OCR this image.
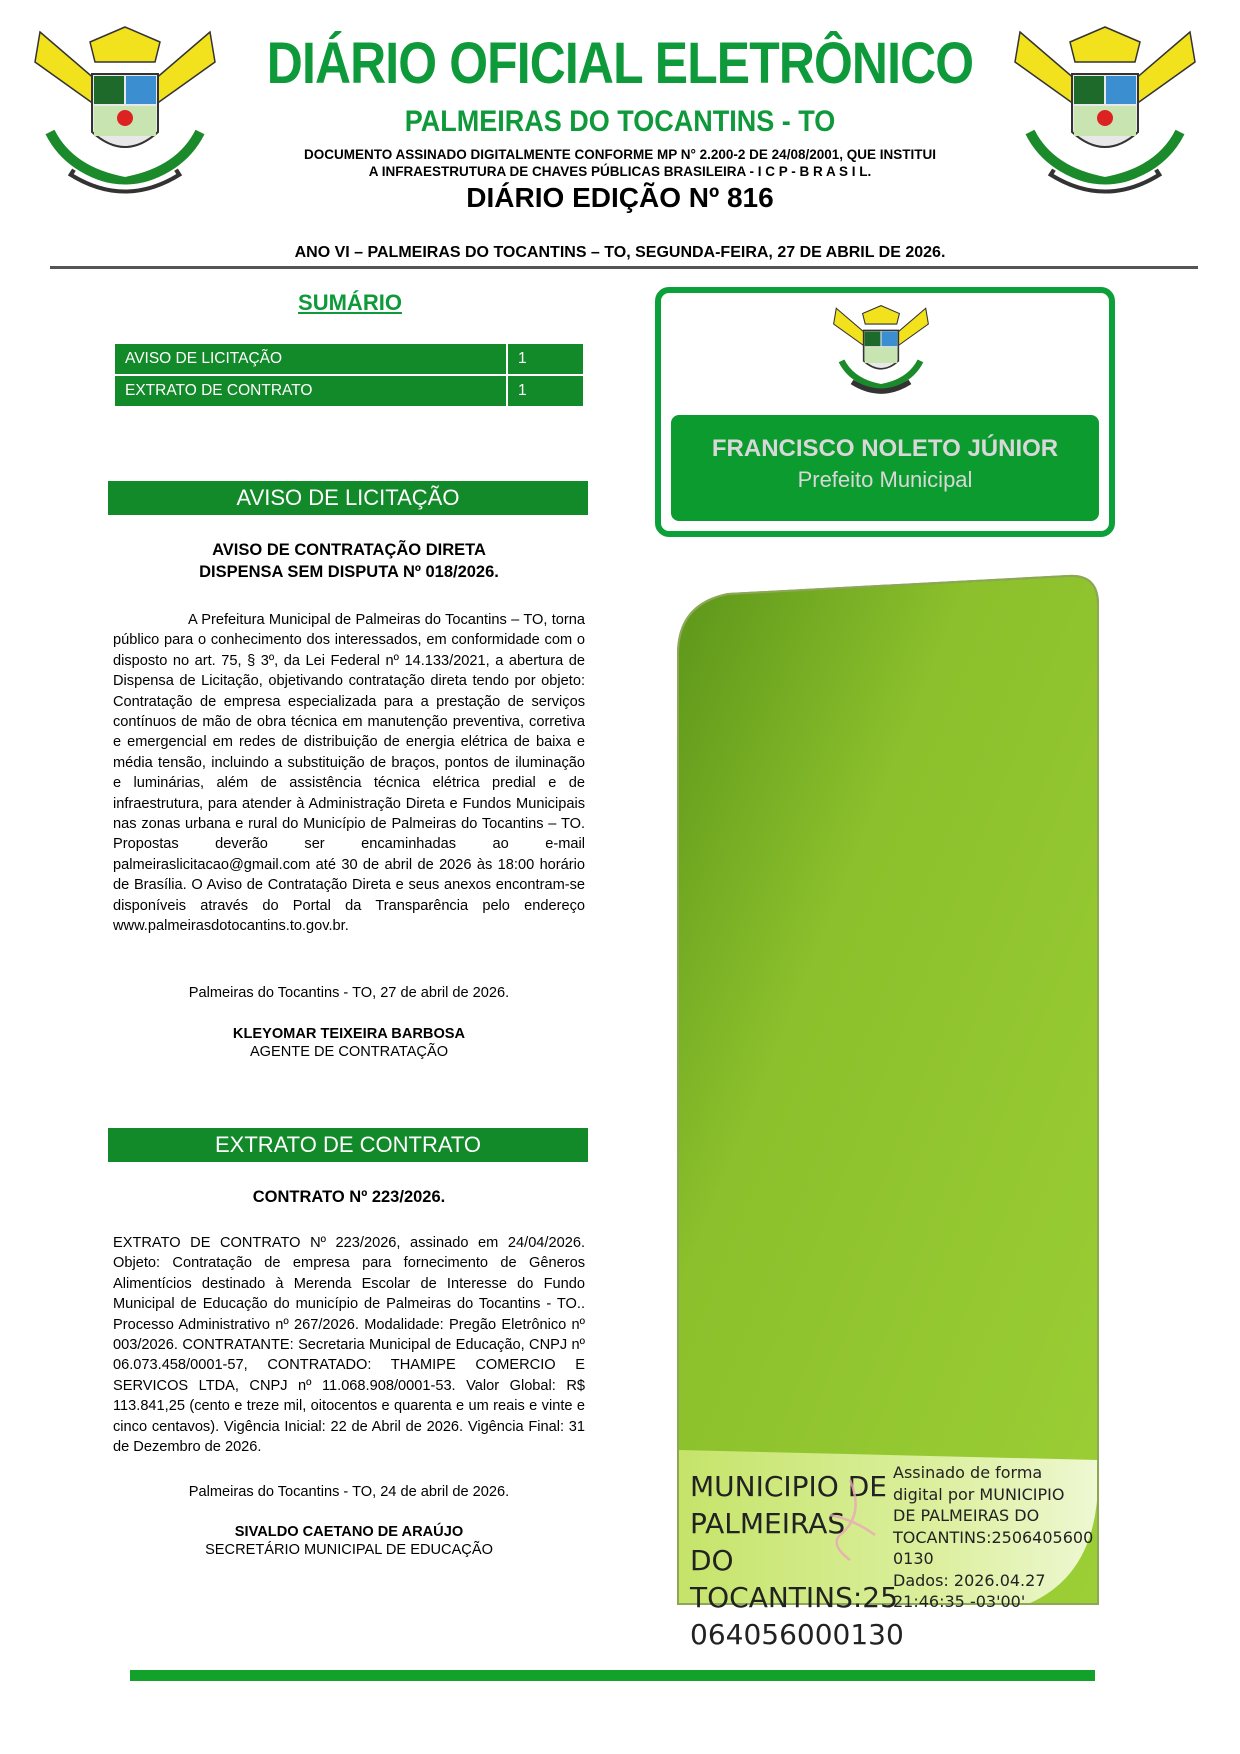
DIÁRIO OFICIAL ELETRÔNICO
PALMEIRAS DO TOCANTINS - TO
DOCUMENTO ASSINADO DIGITALMENTE CONFORME MP N° 2.200-2 DE 24/08/2001, QUE INSTITUI
A INFRAESTRUTURA DE CHAVES PÚBLICAS BRASILEIRA - I C P - B R A S I L.
DIÁRIO EDIÇÃO Nº 816
ANO VI – PALMEIRAS DO TOCANTINS – TO, SEGUNDA-FEIRA, 27 DE ABRIL DE 2026.
SUMÁRIO
AVISO DE LICITAÇÃO	1
EXTRATO DE CONTRATO	1
AVISO DE LICITAÇÃO
AVISO DE CONTRATAÇÃO DIRETA
DISPENSA SEM DISPUTA Nº 018/2026.
A Prefeitura Municipal de Palmeiras do Tocantins – TO, torna público para o conhecimento dos interessados, em conformidade com o disposto no art. 75, § 3º, da Lei Federal nº 14.133/2021, a abertura de Dispensa de Licitação, objetivando contratação direta tendo por objeto: Contratação de empresa especializada para a prestação de serviços contínuos de mão de obra técnica em manutenção preventiva, corretiva e emergencial em redes de distribuição de energia elétrica de baixa e média tensão, incluindo a substituição de braços, pontos de iluminação e luminárias, além de assistência técnica elétrica predial e de infraestrutura, para atender à Administração Direta e Fundos Municipais nas zonas urbana e rural do Município de Palmeiras do Tocantins – TO. Propostas deverão ser encaminhadas ao e-mail palmeiraslicitacao@gmail.com até 30 de abril de 2026 às 18:00 horário de Brasília. O Aviso de Contratação Direta e seus anexos encontram-se disponíveis através do Portal da Transparência pelo endereço www.palmeirasdotocantins.to.gov.br.
Palmeiras do Tocantins - TO, 27 de abril de 2026.
KLEYOMAR TEIXEIRA BARBOSA
AGENTE DE CONTRATAÇÃO
EXTRATO DE CONTRATO
CONTRATO Nº 223/2026.
EXTRATO DE CONTRATO Nº 223/2026, assinado em 24/04/2026. Objeto: Contratação de empresa para fornecimento de Gêneros Alimentícios destinado à Merenda Escolar de Interesse do Fundo Municipal de Educação do município de Palmeiras do Tocantins - TO.. Processo Administrativo nº 267/2026. Modalidade: Pregão Eletrônico nº 003/2026. CONTRATANTE: Secretaria Municipal de Educação, CNPJ nº 06.073.458/0001-57, CONTRATADO: THAMIPE COMERCIO E SERVICOS LTDA, CNPJ nº 11.068.908/0001-53. Valor Global: R$ 113.841,25 (cento e treze mil, oitocentos e quarenta e um reais e vinte e cinco centavos). Vigência Inicial: 22 de Abril de 2026. Vigência Final: 31 de Dezembro de 2026.
Palmeiras do Tocantins - TO, 24 de abril de 2026.
SIVALDO CAETANO DE ARAÚJO
SECRETÁRIO MUNICIPAL DE EDUCAÇÃO
FRANCISCO NOLETO JÚNIOR
Prefeito Municipal
MUNICIPIO DE
PALMEIRAS DO
TOCANTINS:25
064056000130
Assinado de forma
digital por MUNICIPIO
DE PALMEIRAS DO
TOCANTINS:2506405600
0130
Dados: 2026.04.27
21:46:35 -03'00'
